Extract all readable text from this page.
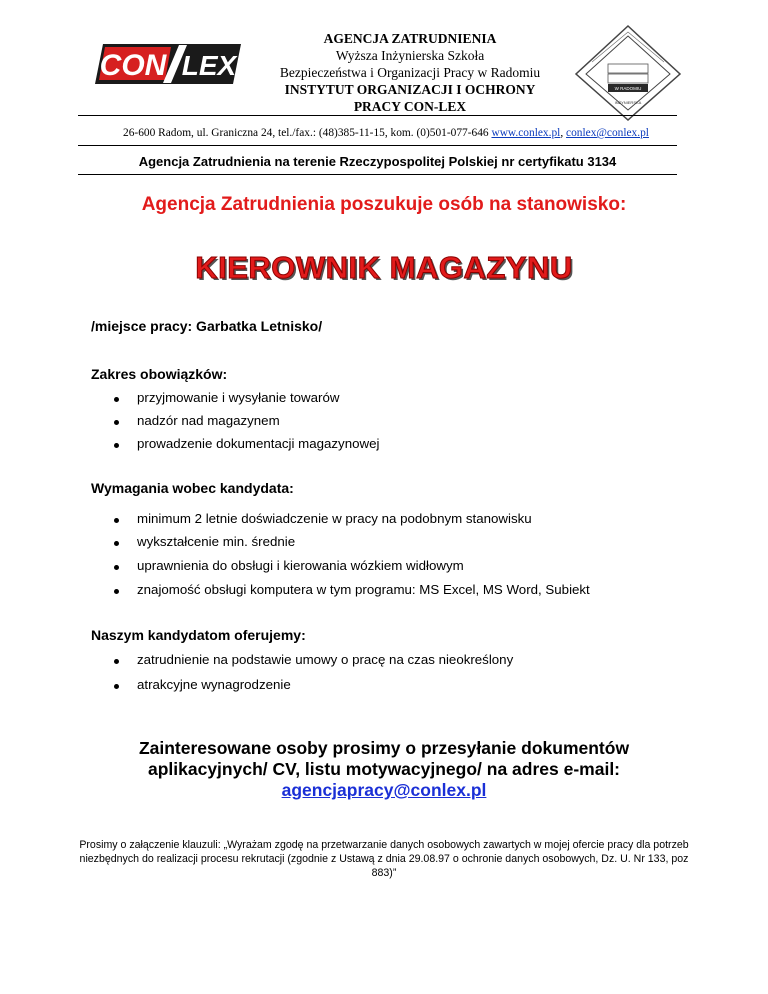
CON LEX
W RADOMIU
INŻYNIERSKA
AGENCJA ZATRUDNIENIA
Wyższa Inżynierska Szkoła
Bezpieczeństwa i Organizacji Pracy w Radomiu
INSTYTUT ORGANIZACJI I OCHRONY
PRACY CON-LEX
26-600 Radom, ul. Graniczna 24, tel./fax.: (48)385-11-15, kom. (0)501-077-646 www.conlex.pl, conlex@conlex.pl
Agencja Zatrudnienia na terenie Rzeczypospolitej Polskiej nr certyfikatu 3134
Agencja Zatrudnienia poszukuje osób na stanowisko:
KIEROWNIK MAGAZYNU
/miejsce pracy: Garbatka Letnisko/
Zakres obowiązków:
przyjmowanie i wysyłanie towarów
nadzór nad magazynem
prowadzenie dokumentacji magazynowej
Wymagania wobec kandydata:
minimum 2 letnie doświadczenie w pracy na podobnym stanowisku
wykształcenie min. średnie
uprawnienia do obsługi i kierowania wózkiem widłowym
znajomość obsługi komputera w tym programu: MS Excel, MS Word, Subiekt
Naszym kandydatom oferujemy:
zatrudnienie na podstawie umowy o pracę na czas nieokreślony
atrakcyjne wynagrodzenie
Zainteresowane osoby prosimy o przesyłanie dokumentów
aplikacyjnych/ CV, listu motywacyjnego/ na adres e-mail:
agencjapracy@conlex.pl
Prosimy o załączenie klauzuli: „Wyrażam zgodę na przetwarzanie danych osobowych zawartych w mojej ofercie pracy dla potrzeb niezbędnych do realizacji procesu rekrutacji (zgodnie z Ustawą z dnia 29.08.97 o ochronie danych osobowych, Dz. U. Nr 133, poz 883)”
